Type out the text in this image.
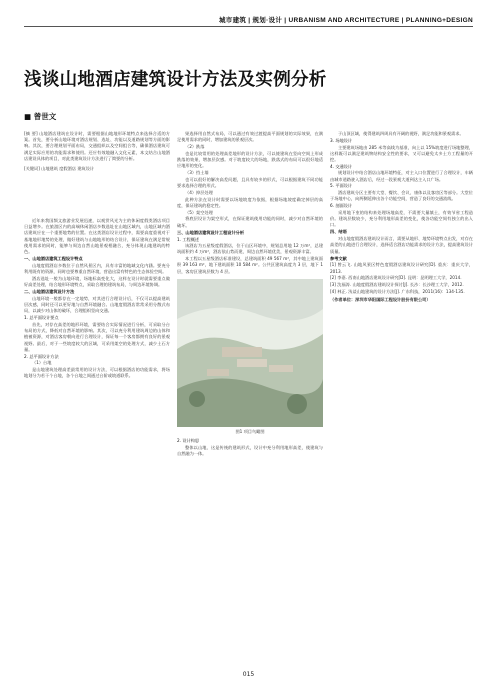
城市建筑 | 规划·设计 | URBANISM AND ARCHITECTURE | PLANNING+DESIGN
浅谈山地酒店建筑设计方法及实例分析
■ 曾世文
[摘 要] 山地酒店建筑在设计时，需要根据山地地形环境特点来选择合适的方案。首先，要分析山地环境对酒店规划、选址、功能以及道路规划等方面的影响。其次，要合理规划平面布局，交通组织以及空间组合等，确保酒店建筑可满足实际应用的功能需求和使用。还应有效地融入文化元素，本文结合山地酒店建设具体的项目，对此类建筑设计方法进行了简要的分析。
[关键词] 山地建筑 度假酒店 建筑设计

近年来我国频文旅游业发展迅速，以观赏风光为主的休闲度假类酒店项目日益增多。在旅游区内的高端休闲酒店多数选址在山地区域内，山地区域内酒店建筑应在一个重要地势的位置。在这类酒店设计过程中，需要高度重视对于基地地形地势的处理，做好建筑与山地地形的结合设计，保证建筑在满足常规使用需求的同时，能够与周边自然山地景观相融合，充分体现山地建筑的特色。

一、山地酒店建筑工程设计特点

山地度假酒店多数位于自然风景区内，具有丰富的地域文化内涵。要充分利用既有的资源，同时也要尊重自然环境，营造出富有特色的生态体验空间。

酒店选址一般为山地环境，场地标高变化大，这样在设计时就需要重点做好高差处理，结合地形环境特点，采取合理的建筑布局，与周边环境协调。

二、山地酒店建筑设计方法

山地环境一般都存在一定地势，对其进行合理设计后，不仅可以提高建筑层次感，同时还可以更好地与自然环境融合。山地度假酒店常常采用分散式布局，以减少对山体的破坏，合理组织竖向交通。

1. 总平面设计要点

首先，对存在高差的地形环境，需要结合实际情况进行分析，可采取分台布局的方式，降低对自然环境的影响。其次，可以充分利用建筑周边的山体和植被资源，对酒店客房朝向进行合理设计，保证每一个客房都拥有良好的景观视野。最后，对于一些坡度较大的区域，可采用架空的处理方式，减少土石方量。

2. 总平面设计方法

（1）台地

是山地建筑处理高差最常用的设计方法，可以根据酒店的功能需求，将场地划分为若干个台地，各个台地之间通过台阶或坡道联系。

果选择用自然式布局，可以通过有效过渡提高平面规划的实际效果，在满足使用需求的同时，增加建筑的景观层次。

（2）跌落

也是比较常用的处理高差地形的设计方法，可以使建筑在竖向空间上形成跌落的效果，增加层次感。对于坡度较大的场地，跌落式的布局可以很好地适应地形的变化。

（3）挡土墙

也可以很好的解决高差问题，且具有较多的形式，可以根据建筑不同功能要求选择合理的形式。

（4）掉层处理

此种方法在设计时需要以场地坡度为依据，根据场地坡度确定掉层的高度，保证建筑的稳定性。

（5）架空处理

将底层设计为架空形式，在保证建筑使用功能的同时，减少对自然环境的破坏。

三、山地酒店建筑设计工程设计分析
1. 工程概述

该酒店为五星级度假酒店，位于山区环境中，规划总用地 12 万m²，总建筑面积约 4 万m²，酒店依山势而建，周边自然环境优美，景观资源丰富。

本工程以五星级酒店标准建设，总建筑面积 49 567 m²，其中地上建筑面积 39 163 m²，地下建筑面积 10 584 m²。公共区建筑高度为 3 层，地下 1 层，客房区建筑层数为 4 层。

图1 项目鸟瞰图
2. 设计构思

整体以山地、这是传统的建筑形式，设计中充分利用地形高差，使建筑与自然融为一体。

于山顶区域，使得建筑四周具有开阔的视野，满足功能和景观需求。

3. 场地设计

主要建筑场地由 285 米等高线为基准，向上以 15%坡度进行场地整理，这样既可以满足建筑物结构安全性的要求，又可以避免太多土方工程量的开挖。

4. 交通设计

规划设计中结合酒店山地环境特征，对主入口位置进行了合理设计，车辆由城市道路驶入酒店后，经过一段景观大道到达主入口广场。

5. 平面设计

酒店建筑分区主要有大堂、餐饮、会议、康体以及客房区等部分。大堂位于场地中心，向两侧延伸出各个功能空间，营造了良好的交通流线。

6. 剖面设计

采用地下室的结构来处理场地高差，不需要大量填土，有效节省工程造价。建筑层数较少，充分利用地形高差的变化，使各功能空间有独立的出入口。

四、结语

对山地度假酒店建筑设计而言，需要从地形、地势环境特点出发，对存在高差的山地进行合理设计，选择适合酒店功能需求的设计方法，提高建筑设计质量。

参考文献

[1] 曾云飞. 山地风景区特色度假酒店建筑设计研究[D]. 重庆：重庆大学，2013.

[2] 李嘉. 西南山地酒店建筑设计研究[D]. 昆明：昆明理工大学，2014.

[3] 沈福涛. 山地度假酒店建筑设计探讨[J]. 长沙：长沙理工大学，2012.

[4] 林正. 浅谈山地建筑的设计方法[J]. 广东科技，2011(16)：134-135.

（作者单位：深圳市华阳国际工程设计股份有限公司）
015
